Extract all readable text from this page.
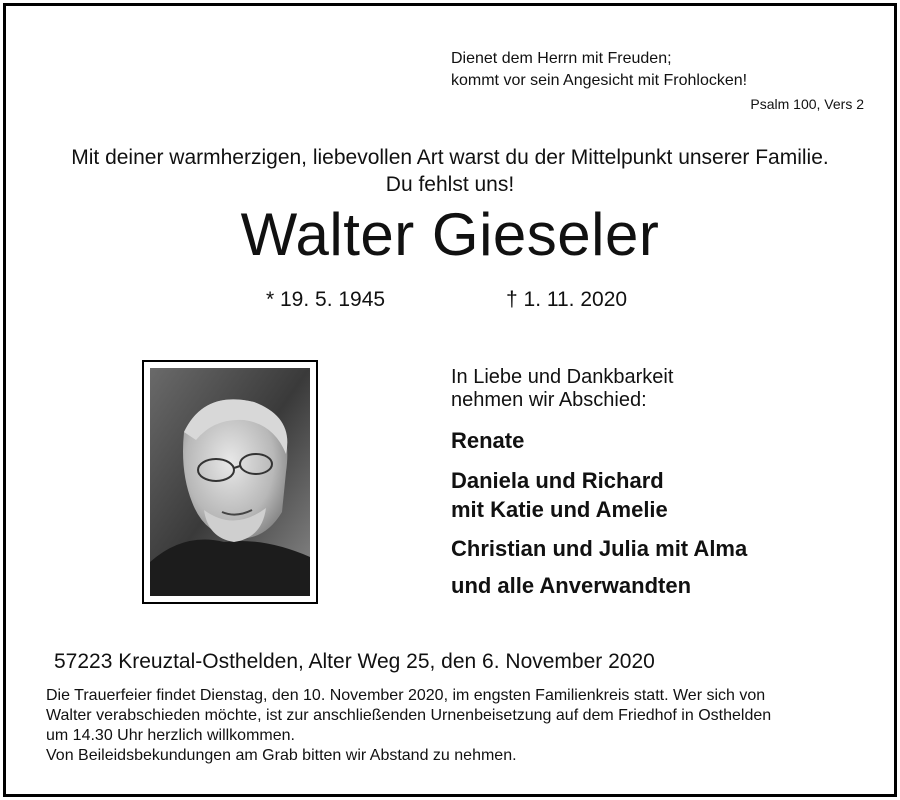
Dienet dem Herrn mit Freuden;
kommt vor sein Angesicht mit Frohlocken!
Psalm 100, Vers 2
Mit deiner warmherzigen, liebevollen Art warst du der Mittelpunkt unserer Familie.
Du fehlst uns!
Walter Gieseler
* 19. 5. 1945	† 1. 11. 2020
In Liebe und Dankbarkeit
nehmen wir Abschied:
Renate
Daniela und Richard
mit Katie und Amelie
Christian und Julia mit Alma
und alle Anverwandten
57223 Kreuztal-Osthelden, Alter Weg 25, den 6. November 2020
Die Trauerfeier findet Dienstag, den 10. November 2020, im engsten Familienkreis statt. Wer sich von
Walter verabschieden möchte, ist zur anschließenden Urnenbeisetzung auf dem Friedhof in Osthelden
um 14.30 Uhr herzlich willkommen.
Von Beileidsbekundungen am Grab bitten wir Abstand zu nehmen.
